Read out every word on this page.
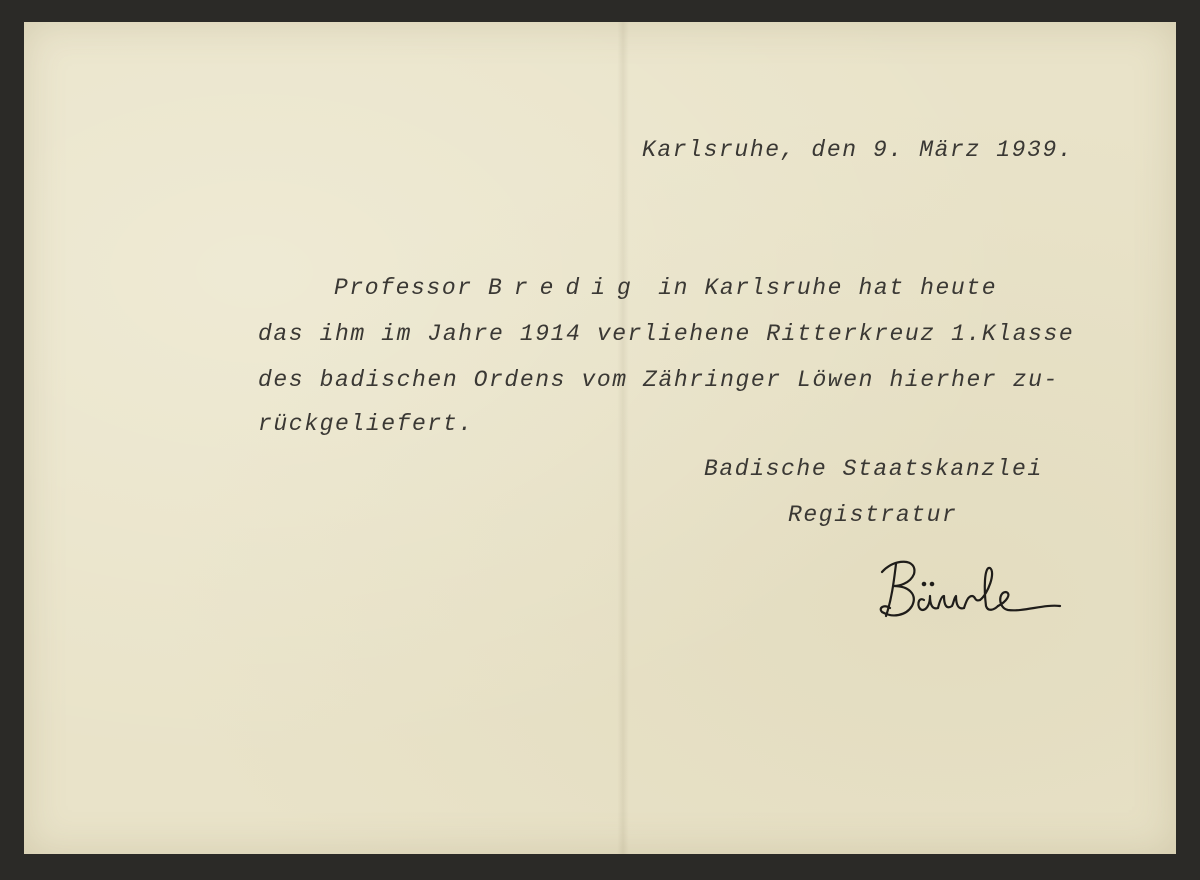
Karlsruhe, den 9. März 1939.
Professor Bredig in Karlsruhe hat heute
das ihm im Jahre 1914 verliehene Ritterkreuz 1.Klasse
des badischen Ordens vom Zähringer Löwen hierher zu-
rückgeliefert.
Badische Staatskanzlei
Registratur
